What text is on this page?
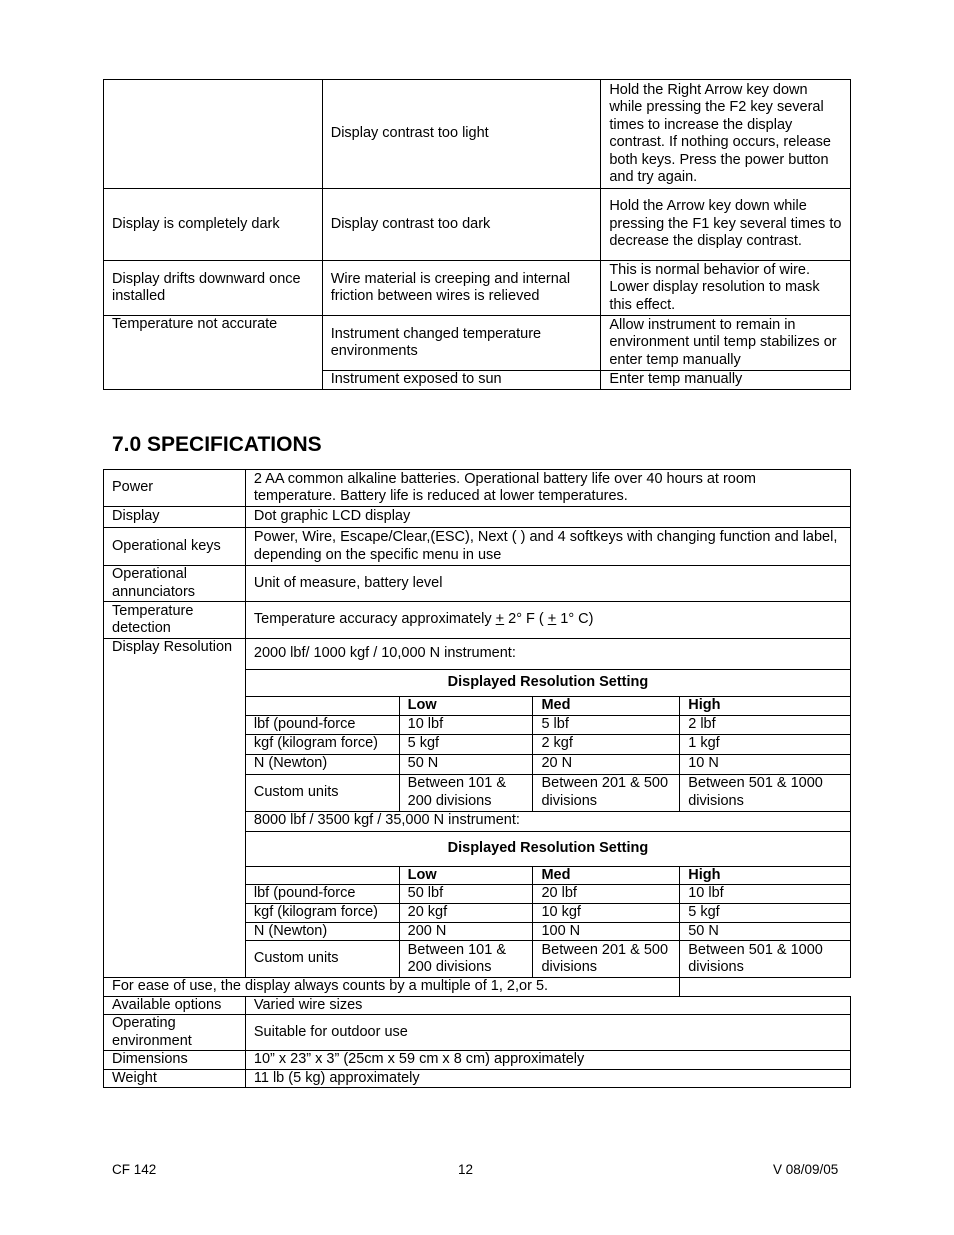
	Display contrast too light	Hold the Right Arrow key down while pressing the F2 key several times to increase the display contrast. If nothing occurs, release both keys. Press the power button and try again.
Display is completely dark	Display contrast too dark	Hold the Arrow key down while pressing the F1 key several times to decrease the display contrast.
Display drifts downward once installed	Wire material is creeping and internal friction between wires is relieved	This is normal behavior of wire. Lower display resolution to mask this effect.
Temperature not accurate	Instrument changed temperature environments	Allow instrument to remain in environment until temp stabilizes or enter temp manually
	Instrument exposed to sun	Enter temp manually
7.0 SPECIFICATIONS
Power	2 AA common alkaline batteries. Operational battery life over 40 hours at room temperature. Battery life is reduced at lower temperatures.			
Display	Dot graphic LCD display			
Operational keys	Power, Wire, Escape/Clear,(ESC), Next ( ) and 4 softkeys with changing function and label, depending on the specific menu in use			
Operational annunciators	Unit of measure, battery level			
Temperature detection	Temperature accuracy approximately + 2° F ( + 1° C)			
Display Resolution	2000 lbf/ 1000 kgf / 10,000 N instrument:			
	Displayed Resolution Setting			
		Low	Med	High
	lbf (pound-force	10 lbf	5 lbf	2 lbf
	kgf (kilogram force)	5 kgf	2 kgf	1 kgf
	N (Newton)	50 N	20 N	10 N
	Custom units	Between 101 & 200 divisions	Between 201 & 500 divisions	Between 501 & 1000 divisions
	8000 lbf / 3500 kgf / 35,000 N instrument:			
	Displayed Resolution Setting			
		Low	Med	High
	lbf (pound-force	50 lbf	20 lbf	10 lbf
	kgf (kilogram force)	20 kgf	10 kgf	5 kgf
	N (Newton)	200 N	100 N	50 N
	Custom units	Between 101 & 200 divisions	Between 201 & 500 divisions	Between 501 & 1000 divisions
For ease of use, the display always counts by a multiple of 1, 2,or 5.				
Available options	Varied wire sizes			
Operating environment	Suitable for outdoor use			
Dimensions	10” x 23” x 3” (25cm x 59 cm x 8 cm) approximately			
Weight	11 lb (5 kg) approximately			
CF 142	12	V 08/09/05
